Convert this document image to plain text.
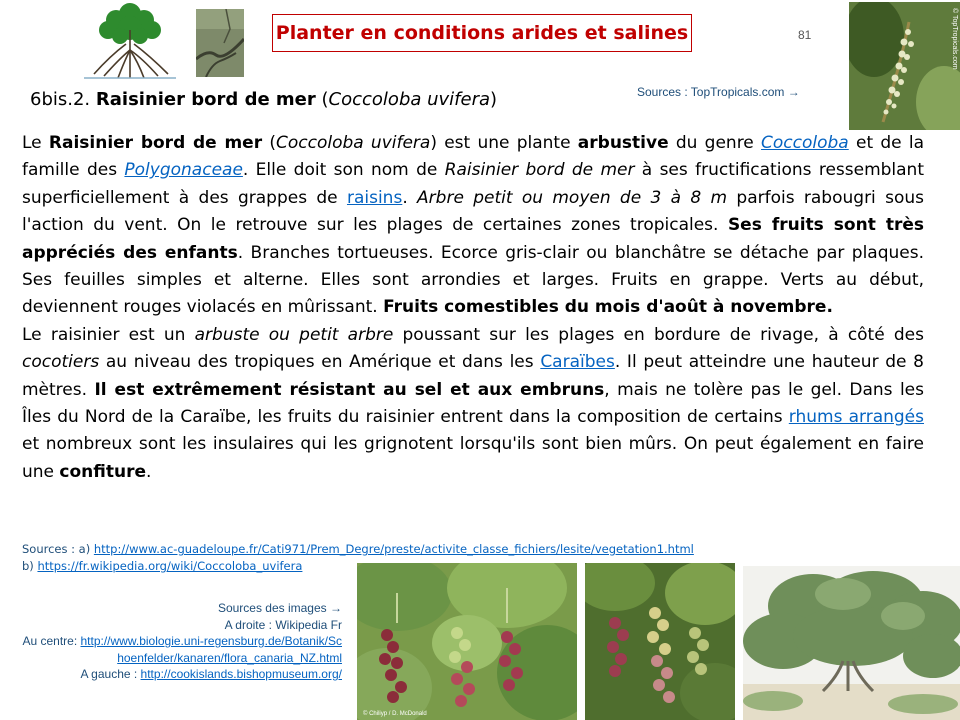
Planter en conditions arides et salines	81	© TopTropicals.com
Sources : TopTropicals.com →
6bis.2. Raisinier bord de mer (Coccoloba uvifera)

Le Raisinier bord de mer (Coccoloba uvifera) est une plante arbustive du genre Coccoloba et de la famille des Polygonaceae. Elle doit son nom de Raisinier bord de mer à ses fructifications ressemblant superficiellement à des grappes de raisins. Arbre petit ou moyen de 3 à 8 m parfois rabougri sous l'action du vent. On le retrouve sur les plages de certaines zones tropicales. Ses fruits sont très appréciés des enfants. Branches tortueuses. Ecorce gris-clair ou blanchâtre se détache par plaques. Ses feuilles simples et alterne. Elles sont arrondies et larges. Fruits en grappe. Verts au début, deviennent rouges violacés en mûrissant. Fruits comestibles du mois d'août à novembre.

Le raisinier est un arbuste ou petit arbre poussant sur les plages en bordure de rivage, à côté des cocotiers au niveau des tropiques en Amérique et dans les Caraïbes. Il peut atteindre une hauteur de 8 mètres. Il est extrêmement résistant au sel et aux embruns, mais ne tolère pas le gel. Dans les Îles du Nord de la Caraïbe, les fruits du raisinier entrent dans la composition de certains rhums arrangés et nombreux sont les insulaires qui les grignotent lorsqu'ils sont bien mûrs. On peut également en faire une confiture.

Sources : a) http://www.ac-guadeloupe.fr/Cati971/Prem_Degre/preste/activite_classe_fichiers/lesite/vegetation1.html
b) https://fr.wikipedia.org/wiki/Coccoloba_uvifera
Sources des images →
A droite : Wikipedia Fr
Au centre: http://www.biologie.uni-regensburg.de/Botanik/Schoenfelder/kanaren/flora_canaria_NZ.html
A gauche : http://cookislands.bishopmuseum.org/
© Chiliyp / D. McDonald
